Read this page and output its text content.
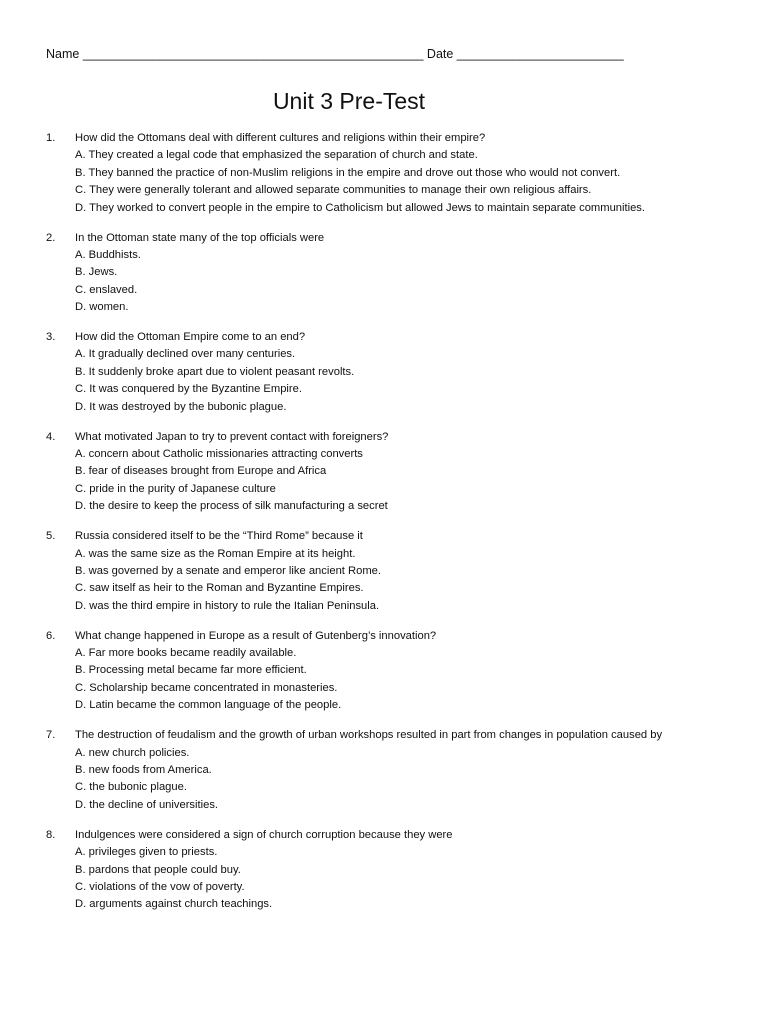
Name _________________________________________________ Date ________________________
Unit 3 Pre-Test
1. How did the Ottomans deal with different cultures and religions within their empire?
A. They created a legal code that emphasized the separation of church and state.
B. They banned the practice of non-Muslim religions in the empire and drove out those who would not convert.
C. They were generally tolerant and allowed separate communities to manage their own religious affairs.
D. They worked to convert people in the empire to Catholicism but allowed Jews to maintain separate communities.
2. In the Ottoman state many of the top officials were
A. Buddhists.
B. Jews.
C. enslaved.
D. women.
3. How did the Ottoman Empire come to an end?
A. It gradually declined over many centuries.
B. It suddenly broke apart due to violent peasant revolts.
C. It was conquered by the Byzantine Empire.
D. It was destroyed by the bubonic plague.
4. What motivated Japan to try to prevent contact with foreigners?
A. concern about Catholic missionaries attracting converts
B. fear of diseases brought from Europe and Africa
C. pride in the purity of Japanese culture
D. the desire to keep the process of silk manufacturing a secret
5. Russia considered itself to be the “Third Rome” because it
A. was the same size as the Roman Empire at its height.
B. was governed by a senate and emperor like ancient Rome.
C. saw itself as heir to the Roman and Byzantine Empires.
D. was the third empire in history to rule the Italian Peninsula.
6. What change happened in Europe as a result of Gutenberg’s innovation?
A. Far more books became readily available.
B. Processing metal became far more efficient.
C. Scholarship became concentrated in monasteries.
D. Latin became the common language of the people.
7. The destruction of feudalism and the growth of urban workshops resulted in part from changes in population caused by
A. new church policies.
B. new foods from America.
C. the bubonic plague.
D. the decline of universities.
8. Indulgences were considered a sign of church corruption because they were
A. privileges given to priests.
B. pardons that people could buy.
C. violations of the vow of poverty.
D. arguments against church teachings.
